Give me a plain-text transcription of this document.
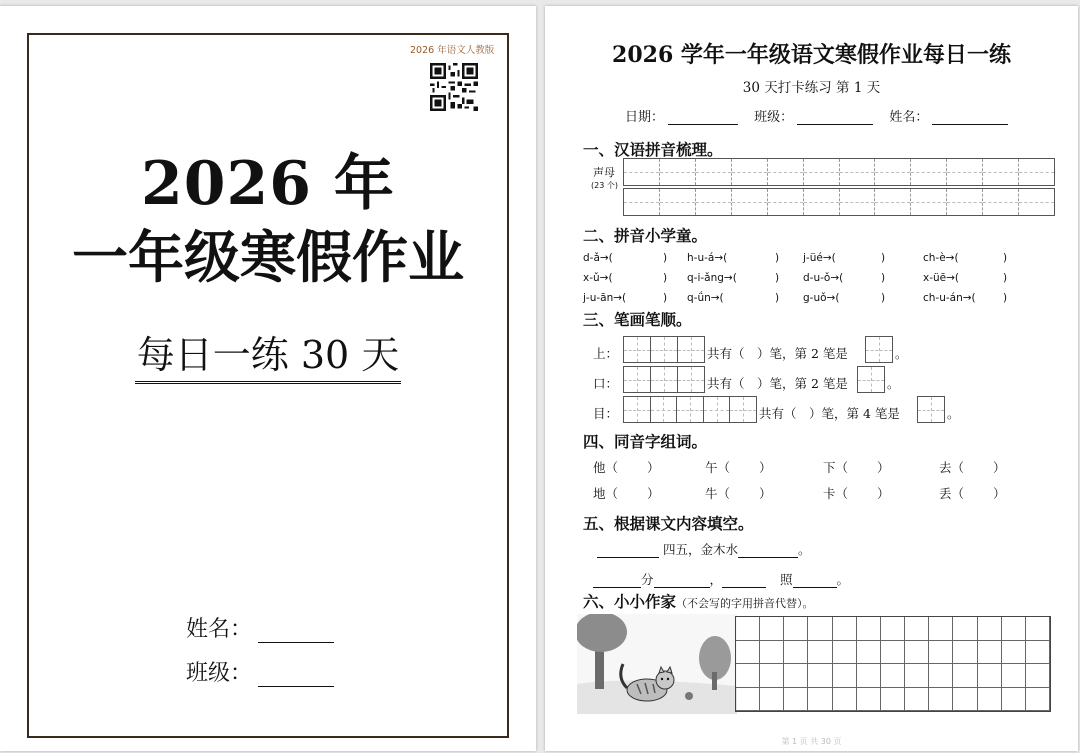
2026 年语文人教版
2026 年
一年级寒假作业
每日一练 30 天
姓名：
班级：
2026 学年一年级语文寒假作业每日一练
30 天打卡练习 第 1 天
日期：	班级：	姓名：
一、汉语拼音梳理。
声母
(23 个)
二、拼音小学童。
d-ǎ→(	) h-u-á→(	) j-üé→(	)	ch-è→(	)
x-ǔ→(	) q-i-ǎng→(	) d-u-ǒ→(	)	x-üē→(	)
j-u-ān→(	) q-ǘn→(	) g-uǒ→(	)	ch-u-án→(	)
三、笔画笔顺。
上：	共有（　）笔，第 2 笔是	。
口：	共有（　）笔，第 2 笔是	。
目：	共有（　）笔，第 4 笔是	。
四、同音字组词。
他（ ）	午（ ）	下（ ）	去（ ）
地（ ）	牛（ ）	卡（ ）	丢（ ）
五、根据课文内容填空。
四五，金木水	。
分	，	照	。
六、小小作家（不会写的字用拼音代替）。
第 1 页 共 30 页
